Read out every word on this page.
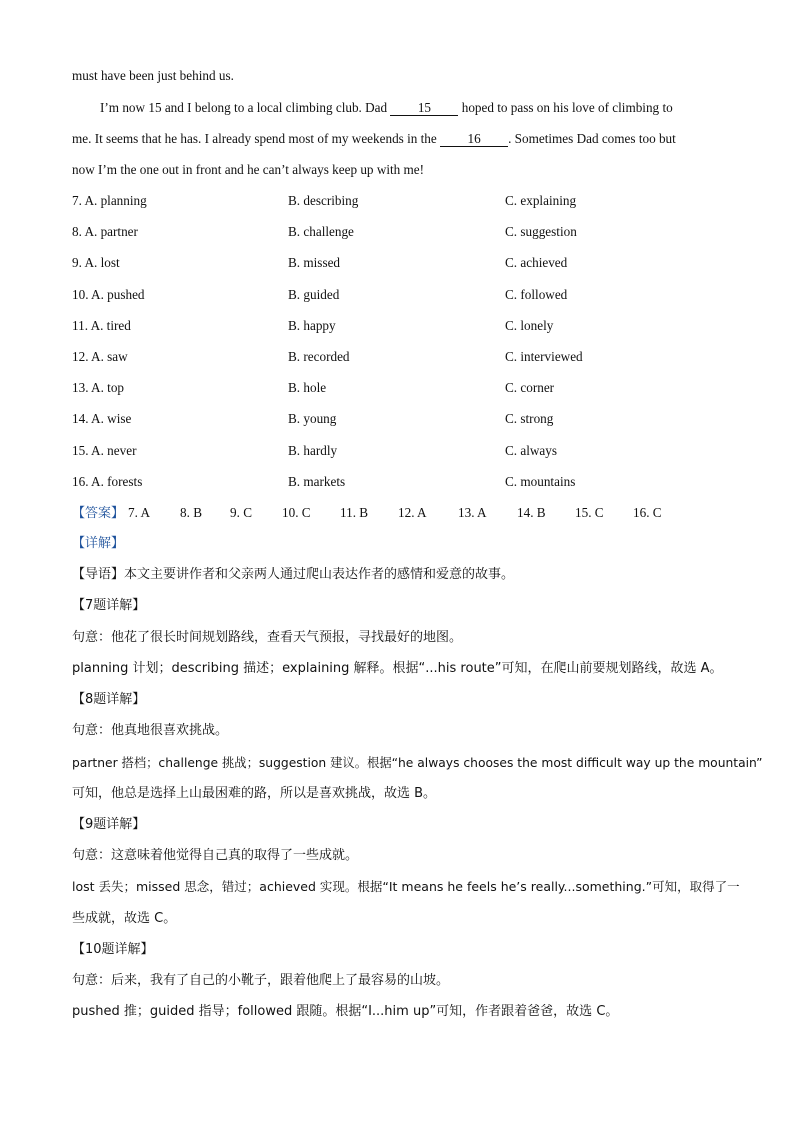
must have been just behind us.
I’m now 15 and I belong to a local climbing club. Dad 15 hoped to pass on his love of climbing to
me. It seems that he has. I already spend most of my weekends in the 16 . Sometimes Dad comes too but
now I’m the one out in front and he can’t always keep up with me!
7. A. planning	B. describing	C. explaining
8. A. partner	B. challenge	C. suggestion
9. A. lost	B. missed	C. achieved
10. A. pushed	B. guided	C. followed
11. A. tired	B. happy	C. lonely
12. A. saw	B. recorded	C. interviewed
13. A. top	B. hole	C. corner
14. A. wise	B. young	C. strong
15. A. never	B. hardly	C. always
16. A. forests	B. markets	C. mountains
【答案】 7. A 8. B 9. C 10. C 11. B 12. A 13. A 14. B 15. C 16. C
【详解】
【导语】本文主要讲作者和父亲两人通过爬山表达作者的感情和爱意的故事。
【7题详解】
句意：他花了很长时间规划路线，查看天气预报，寻找最好的地图。
planning 计划；describing 描述；explaining 解释。根据“...his route”可知，在爬山前要规划路线，故选 A。
【8题详解】
句意：他真地很喜欢挑战。
partner 搭档；challenge 挑战；suggestion 建议。根据“he always chooses the most difficult way up the mountain”
可知，他总是选择上山最困难的路，所以是喜欢挑战，故选 B。
【9题详解】
句意：这意味着他觉得自己真的取得了一些成就。
lost 丢失；missed 思念，错过；achieved 实现。根据“It means he feels he’s really...something.”可知，取得了一
些成就，故选 C。
【10题详解】
句意：后来，我有了自己的小靴子，跟着他爬上了最容易的山坡。
pushed 推；guided 指导；followed 跟随。根据“I...him up”可知，作者跟着爸爸，故选 C。
